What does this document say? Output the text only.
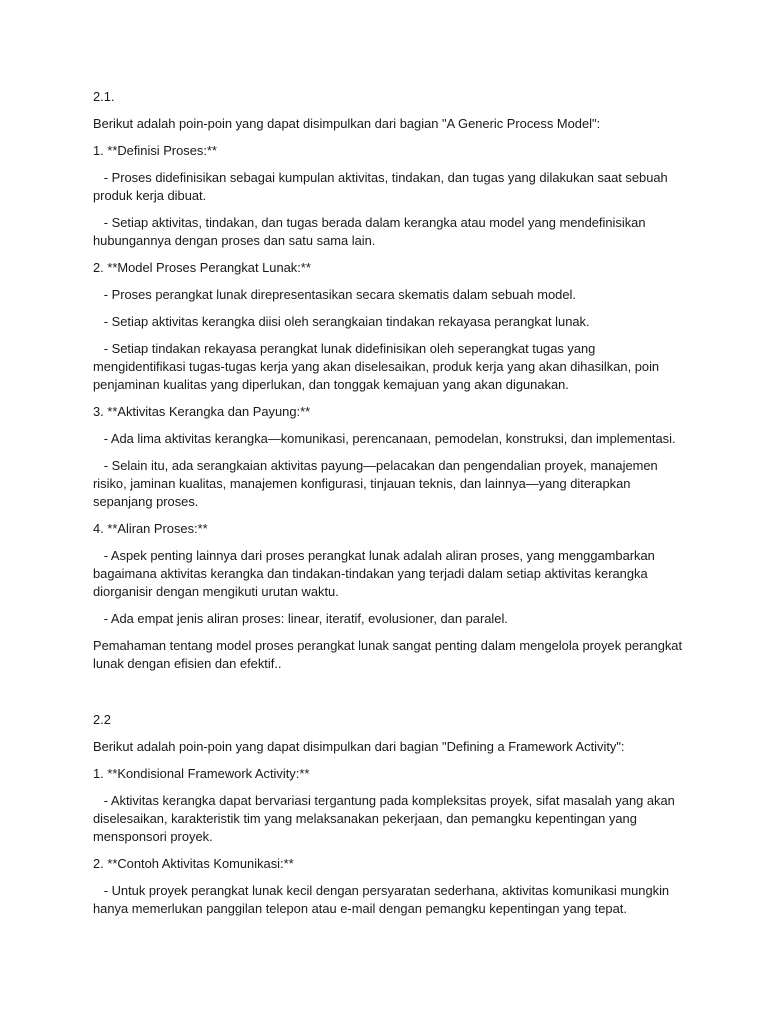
2.1.

Berikut adalah poin-poin yang dapat disimpulkan dari bagian "A Generic Process Model":

1. **Definisi Proses:**

- Proses didefinisikan sebagai kumpulan aktivitas, tindakan, dan tugas yang dilakukan saat sebuah produk kerja dibuat.

- Setiap aktivitas, tindakan, dan tugas berada dalam kerangka atau model yang mendefinisikan hubungannya dengan proses dan satu sama lain.

2. **Model Proses Perangkat Lunak:**

- Proses perangkat lunak direpresentasikan secara skematis dalam sebuah model.

- Setiap aktivitas kerangka diisi oleh serangkaian tindakan rekayasa perangkat lunak.

- Setiap tindakan rekayasa perangkat lunak didefinisikan oleh seperangkat tugas yang mengidentifikasi tugas-tugas kerja yang akan diselesaikan, produk kerja yang akan dihasilkan, poin penjaminan kualitas yang diperlukan, dan tonggak kemajuan yang akan digunakan.

3. **Aktivitas Kerangka dan Payung:**

- Ada lima aktivitas kerangka—komunikasi, perencanaan, pemodelan, konstruksi, dan implementasi.

- Selain itu, ada serangkaian aktivitas payung—pelacakan dan pengendalian proyek, manajemen risiko, jaminan kualitas, manajemen konfigurasi, tinjauan teknis, dan lainnya—yang diterapkan sepanjang proses.

4. **Aliran Proses:**

- Aspek penting lainnya dari proses perangkat lunak adalah aliran proses, yang menggambarkan bagaimana aktivitas kerangka dan tindakan-tindakan yang terjadi dalam setiap aktivitas kerangka diorganisir dengan mengikuti urutan waktu.

- Ada empat jenis aliran proses: linear, iteratif, evolusioner, dan paralel.

Pemahaman tentang model proses perangkat lunak sangat penting dalam mengelola proyek perangkat lunak dengan efisien dan efektif..

2.2

Berikut adalah poin-poin yang dapat disimpulkan dari bagian "Defining a Framework Activity":

1. **Kondisional Framework Activity:**

- Aktivitas kerangka dapat bervariasi tergantung pada kompleksitas proyek, sifat masalah yang akan diselesaikan, karakteristik tim yang melaksanakan pekerjaan, dan pemangku kepentingan yang mensponsori proyek.

2. **Contoh Aktivitas Komunikasi:**

- Untuk proyek perangkat lunak kecil dengan persyaratan sederhana, aktivitas komunikasi mungkin hanya memerlukan panggilan telepon atau e-mail dengan pemangku kepentingan yang tepat.
